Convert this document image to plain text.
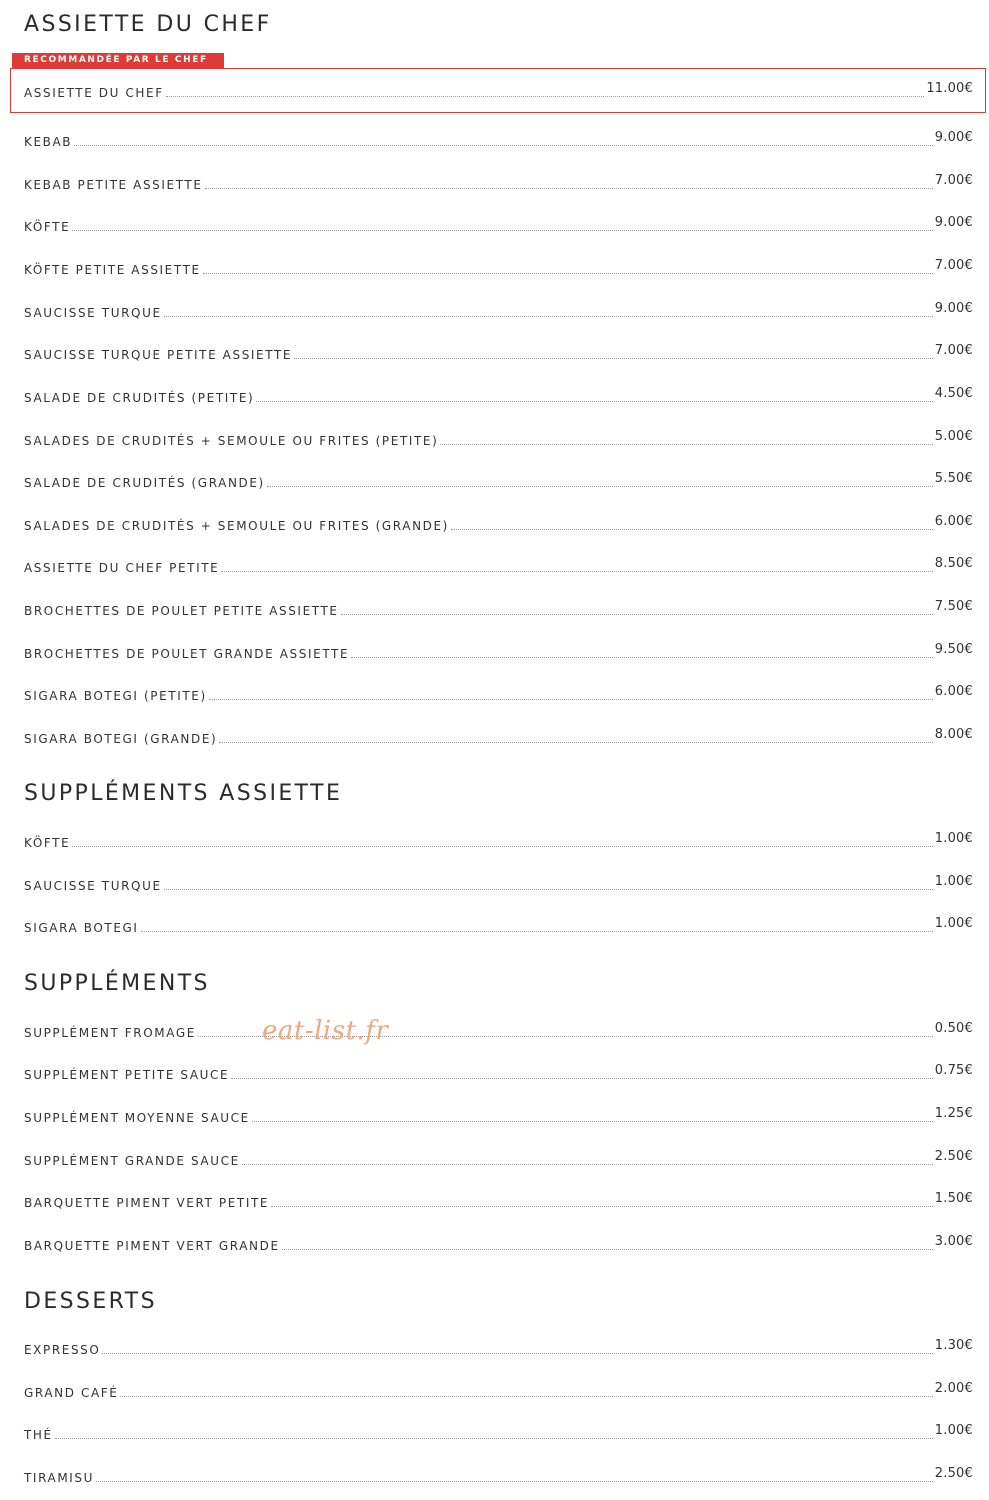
ASSIETTE DU CHEF
RECOMMANDÉE PAR LE CHEF
ASSIETTE DU CHEF	11.00€
KEBAB	9.00€
KEBAB PETITE ASSIETTE	7.00€
KÖFTE	9.00€
KÖFTE PETITE ASSIETTE	7.00€
SAUCISSE TURQUE	9.00€
SAUCISSE TURQUE PETITE ASSIETTE	7.00€
SALADE DE CRUDITÉS (PETITE)	4.50€
SALADES DE CRUDITÉS + SEMOULE OU FRITES (PETITE)	5.00€
SALADE DE CRUDITÉS (GRANDE)	5.50€
SALADES DE CRUDITÉS + SEMOULE OU FRITES (GRANDE)	6.00€
ASSIETTE DU CHEF PETITE	8.50€
BROCHETTES DE POULET PETITE ASSIETTE	7.50€
BROCHETTES DE POULET GRANDE ASSIETTE	9.50€
SIGARA BOTEGI (PETITE)	6.00€
SIGARA BOTEGI (GRANDE)	8.00€
SUPPLÉMENTS ASSIETTE
KÖFTE	1.00€
SAUCISSE TURQUE	1.00€
SIGARA BOTEGI	1.00€
SUPPLÉMENTS
SUPPLÉMENT FROMAGE	0.50€
SUPPLÉMENT PETITE SAUCE	0.75€
SUPPLÉMENT MOYENNE SAUCE	1.25€
SUPPLÉMENT GRANDE SAUCE	2.50€
BARQUETTE PIMENT VERT PETITE	1.50€
BARQUETTE PIMENT VERT GRANDE	3.00€
DESSERTS
EXPRESSO	1.30€
GRAND CAFÉ	2.00€
THÉ	1.00€
TIRAMISU	2.50€
eat-list.fr
